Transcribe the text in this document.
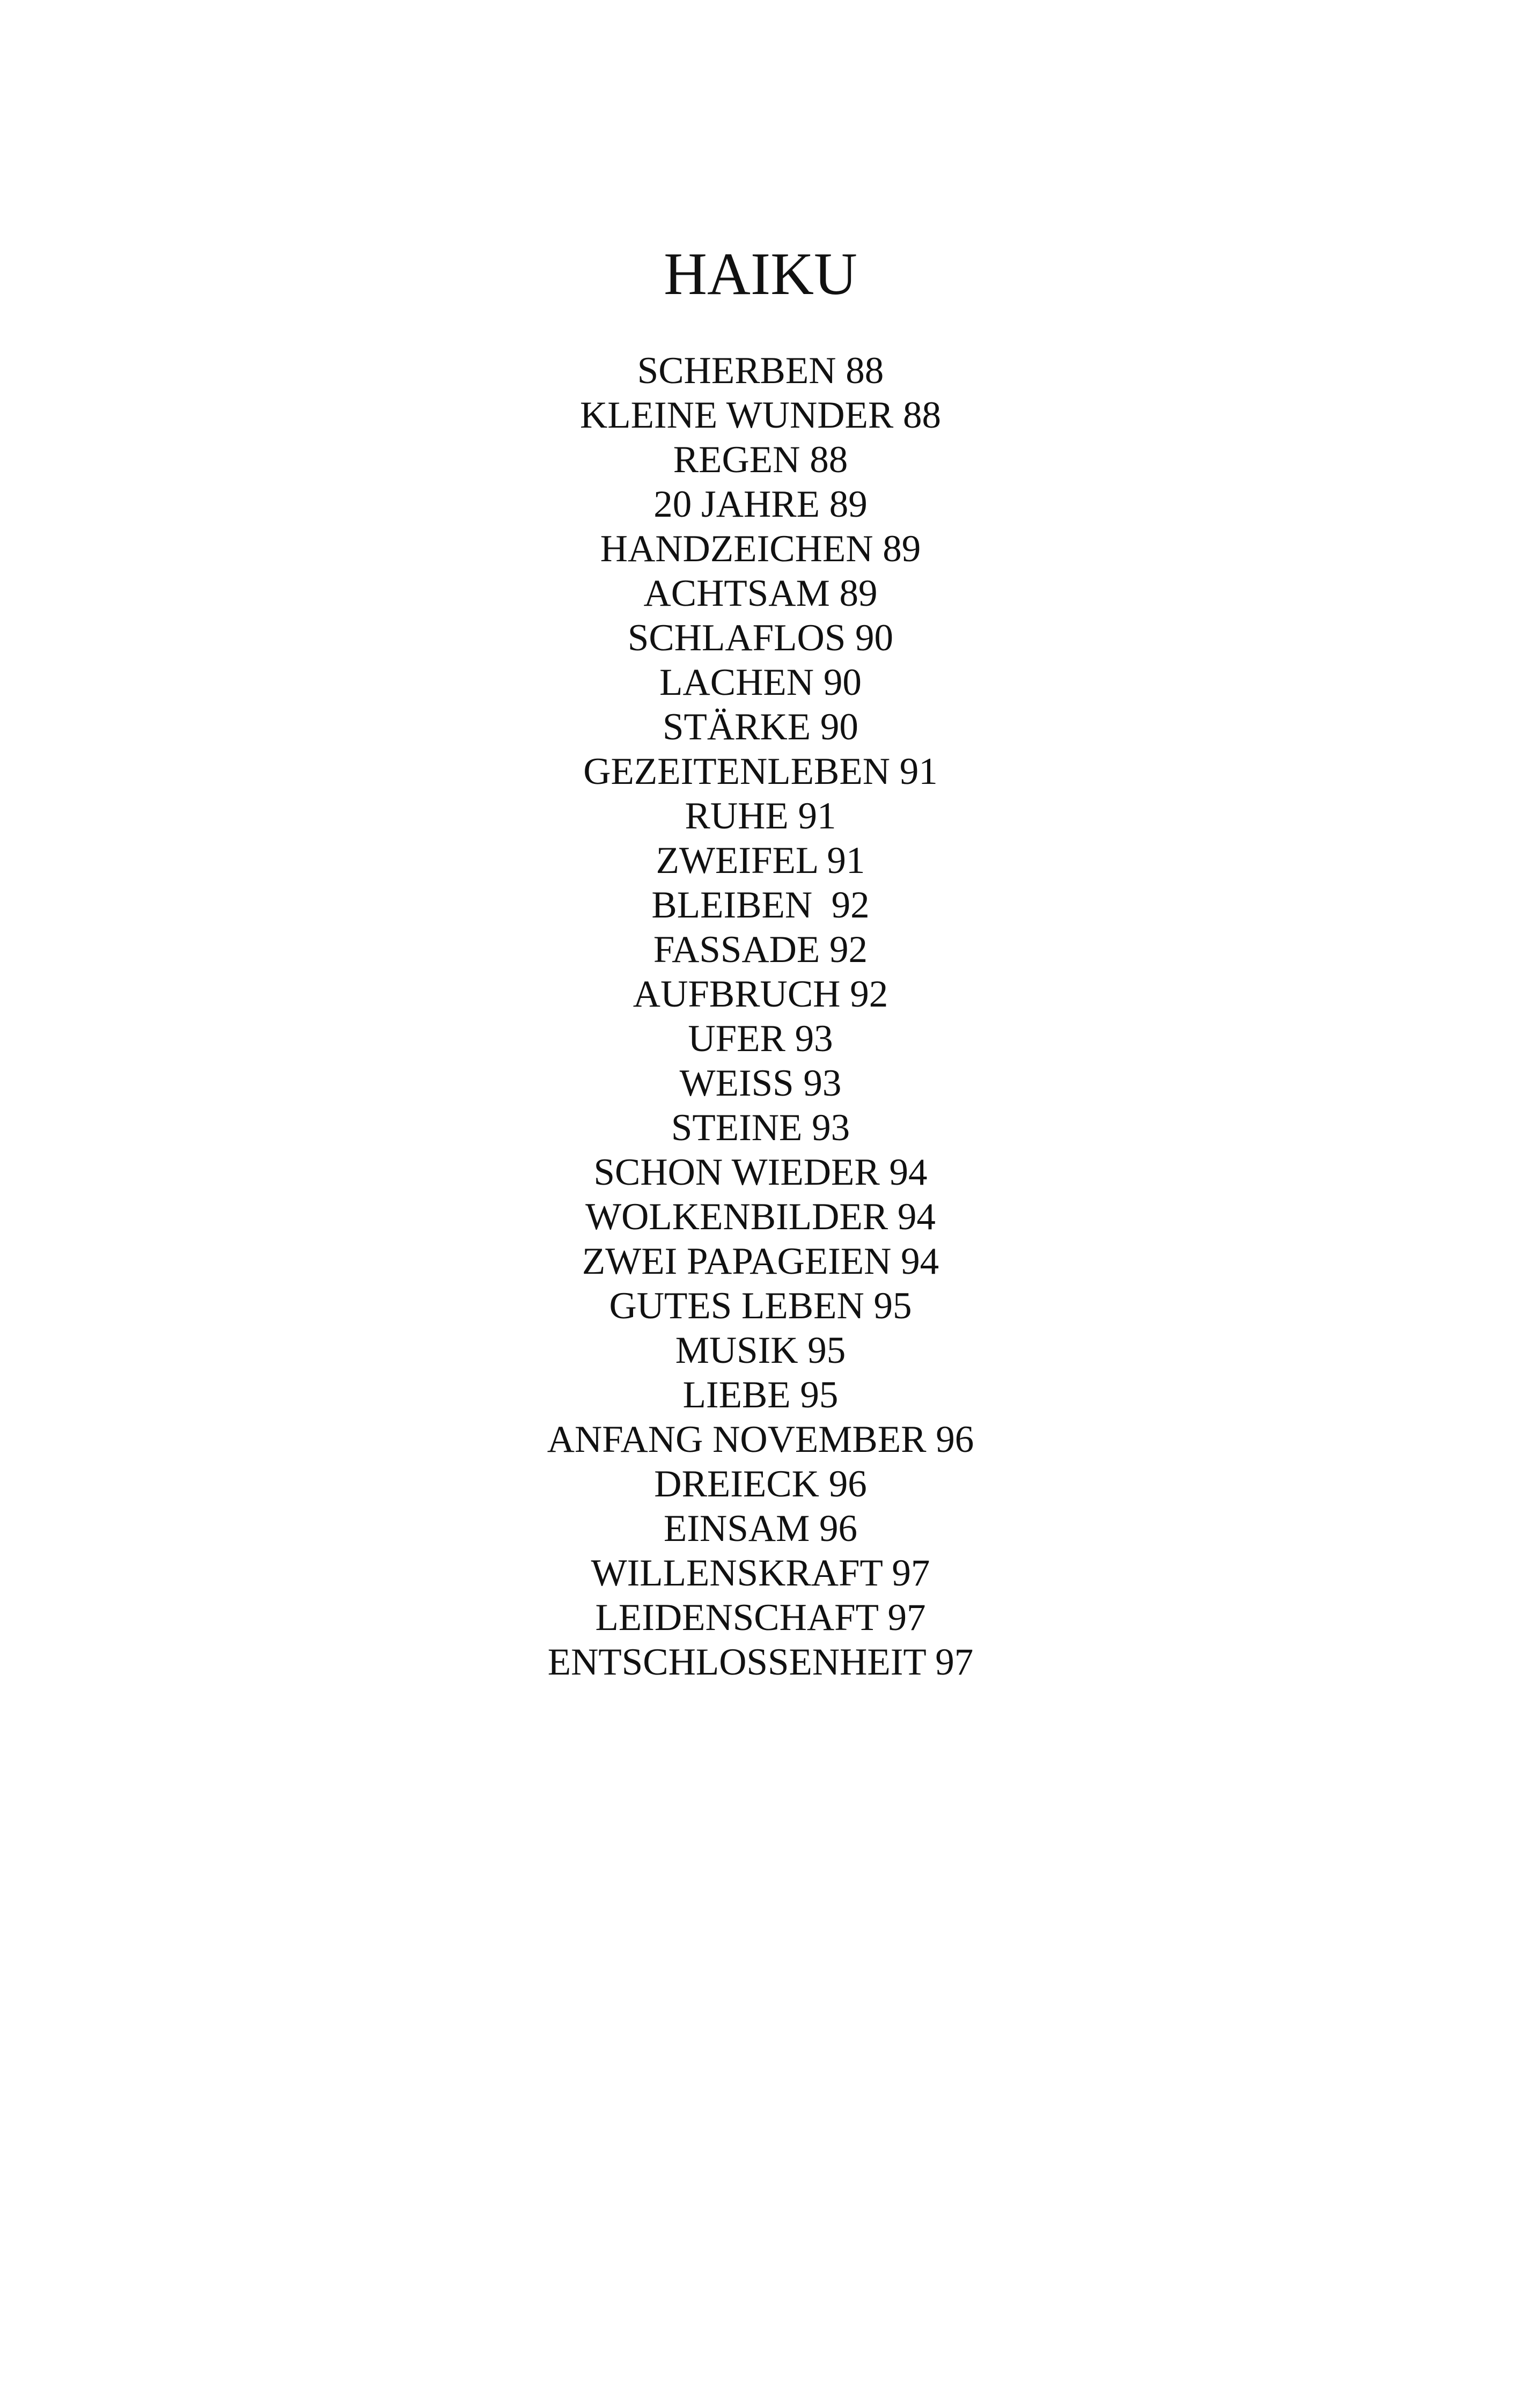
HAIKU
SCHERBEN 88
KLEINE WUNDER 88
REGEN 88
20 JAHRE 89
HANDZEICHEN 89
ACHTSAM 89
SCHLAFLOS 90
LACHEN 90
STÄRKE 90
GEZEITENLEBEN 91
RUHE 91
ZWEIFEL 91
BLEIBEN  92
FASSADE 92
AUFBRUCH 92
UFER 93
WEISS 93
STEINE 93
SCHON WIEDER 94
WOLKENBILDER 94
ZWEI PAPAGEIEN 94
GUTES LEBEN 95
MUSIK 95
LIEBE 95
ANFANG NOVEMBER 96
DREIECK 96
EINSAM 96
WILLENSKRAFT 97
LEIDENSCHAFT 97
ENTSCHLOSSENHEIT 97
